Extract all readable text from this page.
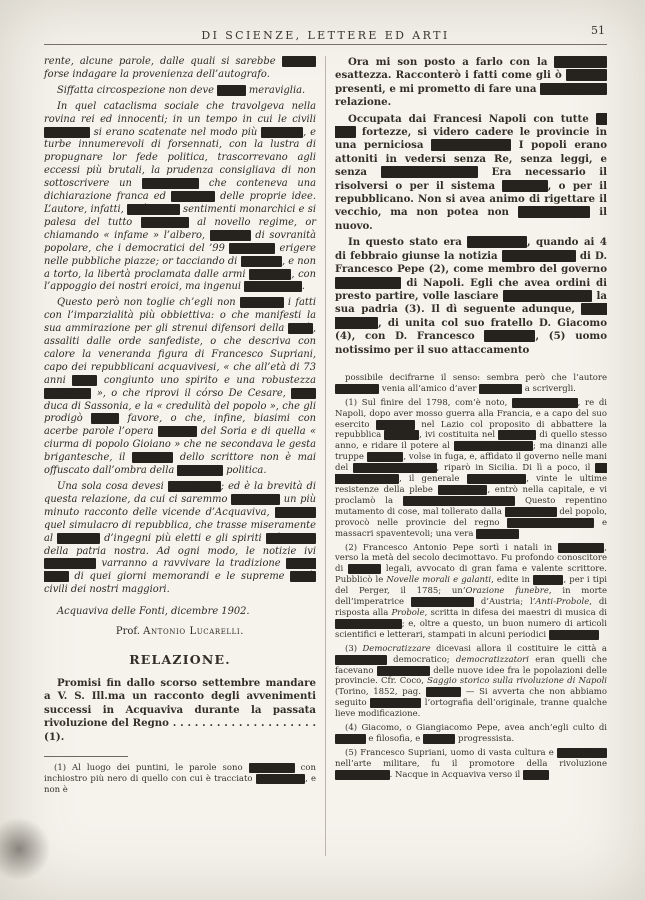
DI SCIENZE, LETTERE ED ARTI	51

rente, alcune parole, dalle quali si sarebbe potuta forse indagare la provenienza dell’autografo.

Siffatta circospezione non deve recar meraviglia.

In quel cataclisma sociale che travolgeva nella rovina rei ed innocenti; in un tempo in cui le civili vendette si erano scatenate nel modo più violento, e turbe innumerevoli di forsennati, con la lustra di propugnare lor fede politica, trascorrevano agli eccessi più brutali, la prudenza consigliava di non sottoscrivere un documento che conteneva una dichiarazione franca ed esplicita delle proprie idee. L’autore, infatti, celò i suoi sentimenti monarchici e si palesa del tutto contrario al novello regime, or chiamando « infame » l’albero, simbolo di sovranità popolare, che i democratici del ’99 solevano erigere nelle pubbliche piazze; or tacciando di finzione, e non a torto, la libertà proclamata dalle armi francesi, con l’appoggio dei nostri eroici, ma ingenui « patrioti ».

Questo però non toglie ch’egli non esponga i fatti con l’imparzialità più obbiettiva: o che manifesti la sua ammirazione per gli strenui difensori della città, assaliti dalle orde sanfediste, o che descriva con calore la veneranda figura di Francesco Supriani, capo dei repubblicani acquavivesi, « che all’età di 73 anni avea congiunto uno spirito e una robustezza giovanile », o che riprovi il córso De Cesare, finto duca di Sassonia, e la « credulità del popolo », che gli prodigò tanto favore, o che, infine, biasimi con acerbe parole l’opera nefasta del Soria e di quella « ciurma di popolo Gioiano » che ne secondava le gesta brigantesche, il giudizio dello scrittore non è mai offuscato dall’ombra della passione politica.

Una sola cosa devesi lamentare; ed è la brevità di questa relazione, da cui ci saremmo aspettato un più minuto racconto delle vicende d’Acquaviva, durante quel simulacro di repubblica, che trasse miseramente al patibolo d’ingegni più eletti e gli spiriti più nobili della patria nostra. Ad ogni modo, le notizie ivi contenute varranno a ravvivare la tradizione ormai vaga di quei giorni memorandi e le supreme virtù civili dei nostri maggiori.

Acquaviva delle Fonti, dicembre 1902.

Prof. Antonio Lucarelli.

RELAZIONE.

Promisi fin dallo scorso settembre mandare a V. S. Ill.ma un racconto degli avvenimenti successi in Acquaviva durante la passata rivoluzione del Regno . . . . . . . . . . . . . . . . . . . . (1).

(1) Al luogo dei puntini, le parole sono cancellate con inchiostro più nero di quello con cui è tracciato l’autografo, e non è

Ora mi son posto a farlo con la possibile esattezza. Racconterò i fatti come gli ò ancora presenti, e mi prometto di fare una fedelissima relazione.

Occupata dai Francesi Napoli con tutte le sue fortezze, si videro cadere le provincie in una perniciosa anarchia (1). I popoli erano attoniti in vedersi senza Re, senza leggi, e senza forza pubblica. Era necessario il risolversi o per il sistema realista, o per il repubblicano. Non si avea animo di rigettare il vecchio, ma non potea non abbracciarsi il nuovo.

In questo stato era Acquaviva, quando ai 4 di febbraio giunse la notizia dell’elezione di D. Francesco Pepe (2), come membro del governo provvisorio di Napoli. Egli che avea ordini di presto partire, volle lasciare democratizzata la sua padria (3). Il dì seguente adunque, 5 di febraro, di unita col suo fratello D. Giacomo (4), con D. Francesco Supriani, (5) uomo notissimo per il suo attaccamento

possibile decifrarne il senso: sembra però che l’autore chiedesse venia all’amico d’aver indugiato a scrivergli.

(1) Sul finire del 1798, com’è noto, Ferdinando IV, re di Napoli, dopo aver mosso guerra alla Francia, e a capo del suo esercito s’avanzò nel Lazio col proposito di abbattere la repubblica romana, ivi costituita nel febbraio di quello stesso anno, e ridare il potere al profugo pontefice; ma dinanzi alle truppe francesi, volse in fuga, e, affidato il governo nelle mani del principe Pignatelli, riparò in Sicilia. Di lì a poco, il 23 gennaio 1799, il generale Championnet, vinte le ultime resistenze della plebe napoletana, entrò nella capitale, e vi proclamò la Repubblica Partenopea. Questo repentino mutamento di cose, mal tollerato dalla gran massa del popolo, provocò nelle provincie del regno incendi, saccheggi e massacri spaventevoli; una vera anarchia!

(2) Francesco Antonio Pepe sortì i natali in Acquaviva, verso la metà del secolo decimottavo. Fu profondo conoscitore di scienze legali, avvocato di gran fama e valente scrittore. Pubblicò le Novelle morali e galanti, edite in Napoli, per i tipi del Perger, il 1785; un’Orazione funebre, in morte dell’imperatrice Maria Teresa d’Austria; l’Anti-Probole, di risposta alla Probole, scritta in difesa dei maestri di musica di Saverio Mattei; e, oltre a questo, un buon numero di articoli scientifici e letterari, stampati in alcuni periodici napoletani.

(3) Democratizzare dicevasi allora il costituire le città a reggimento democratico; democratizzatori eran quelli che facevano propaganda delle nuove idee fra le popolazioni delle provincie. Cfr. Coco, Saggio storico sulla rivoluzione di Napoli (Torino, 1852, pag. 125 sg. — Si avverta che non abbiamo seguito fedelmente l’ortografia dell’originale, tranne qualche lieve modificazione.

(4) Giacomo, o Giangiacomo Pepe, avea anch’egli culto di lettere e filosofia, e fervido progressista.

(5) Francesco Supriani, uomo di vasta cultura e peritissimo nell’arte militare, fu il promotore della rivoluzione acquavivese. Nacque in Acquaviva verso il 1726.
